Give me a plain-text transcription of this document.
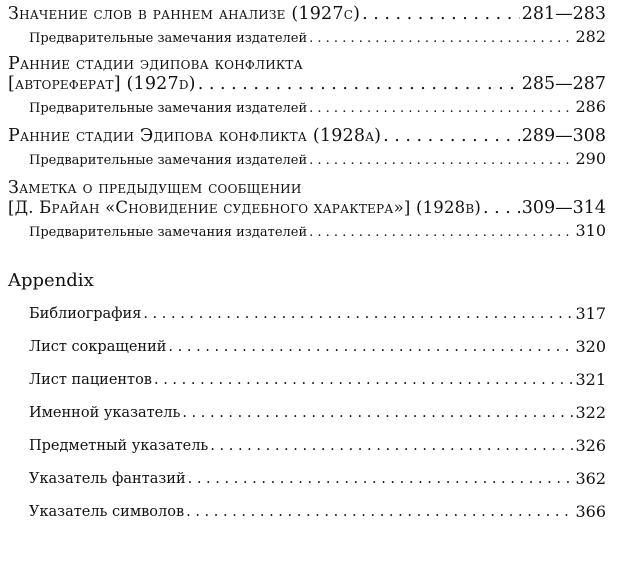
Значение слов в раннем анализе (1927c) . . .	281—283
Предварительные замечания издателей . . .	282
Ранние стадии эдипова конфликта
[автореферат] (1927d) . . .	285—287
Предварительные замечания издателей . . .	286
Ранние стадии Эдипова конфликта (1928a) . . .	289—308
Предварительные замечания издателей . . .	290
Заметка о предыдущем сообщении
[Д. Брайан «Сновидение судебного характера»] (1928b) . . . 309—314
Предварительные замечания издателей . . .	310
Appendix
Библиография . . .	317
Лист сокращений . . .	320
Лист пациентов . . .	321
Именной указатель . . .	322
Предметный указатель . . .	326
Указатель фантазий . . .	362
Указатель символов . . .	366
